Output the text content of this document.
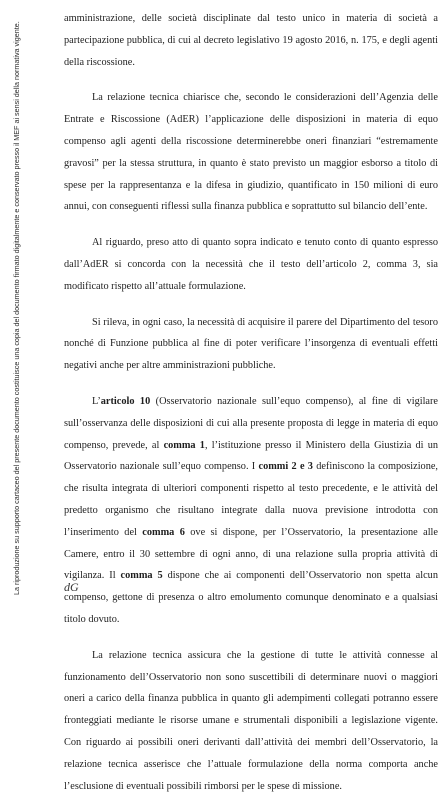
La riproduzione su supporto cartaceo del presente documento costituisce una copia del documento firmato digitalmente e conservato presso il MEF ai sensi della normativa vigente.

amministrazione, delle società disciplinate dal testo unico in materia di società a partecipazione pubblica, di cui al decreto legislativo 19 agosto 2016, n. 175, e degli agenti della riscossione.

La relazione tecnica chiarisce che, secondo le considerazioni dell’Agenzia delle Entrate e Riscossione (AdER) l’applicazione delle disposizioni in materia di equo compenso agli agenti della riscossione determinerebbe oneri finanziari “estremamente gravosi” per la stessa struttura, in quanto è stato previsto un maggior esborso a titolo di spese per la rappresentanza e la difesa in giudizio, quantificato in 150 milioni di euro annui, con conseguenti riflessi sulla finanza pubblica e soprattutto sul bilancio dell’ente.

Al riguardo, preso atto di quanto sopra indicato e tenuto conto di quanto espresso dall’AdER si concorda con la necessità che il testo dell’articolo 2, comma 3, sia modificato rispetto all’attuale formulazione.

Si rileva, in ogni caso, la necessità di acquisire il parere del Dipartimento del tesoro nonché di Funzione pubblica al fine di poter verificare l’insorgenza di eventuali effetti negativi anche per altre amministrazioni pubbliche.

L’articolo 10 (Osservatorio nazionale sull’equo compenso), al fine di vigilare sull’osservanza delle disposizioni di cui alla presente proposta di legge in materia di equo compenso, prevede, al comma 1, l’istituzione presso il Ministero della Giustizia di un Osservatorio nazionale sull’equo compenso. I commi 2 e 3 definiscono la composizione, che risulta integrata di ulteriori componenti rispetto al testo precedente, e le attività del predetto organismo che risultano integrate dalla nuova previsione introdotta con l’inserimento del comma 6 ove si dispone, per l’Osservatorio, la presentazione alle Camere, entro il 30 settembre di ogni anno, di una relazione sulla propria attività di vigilanza. Il comma 5 dispone che ai componenti dell’Osservatorio non spetta alcun compenso, gettone di presenza o altro emolumento comunque denominato e a qualsiasi titolo dovuto.

La relazione tecnica assicura che la gestione di tutte le attività connesse al funzionamento dell’Osservatorio non sono suscettibili di determinare nuovi o maggiori oneri a carico della finanza pubblica in quanto gli adempimenti collegati potranno essere fronteggiati mediante le risorse umane e strumentali disponibili a legislazione vigente. Con riguardo ai possibili oneri derivanti dall’attività dei membri dell’Osservatorio, la relazione tecnica asserisce che l’attuale formulazione della norma comporta anche l’esclusione di eventuali possibili rimborsi per le spese di missione.

dG
